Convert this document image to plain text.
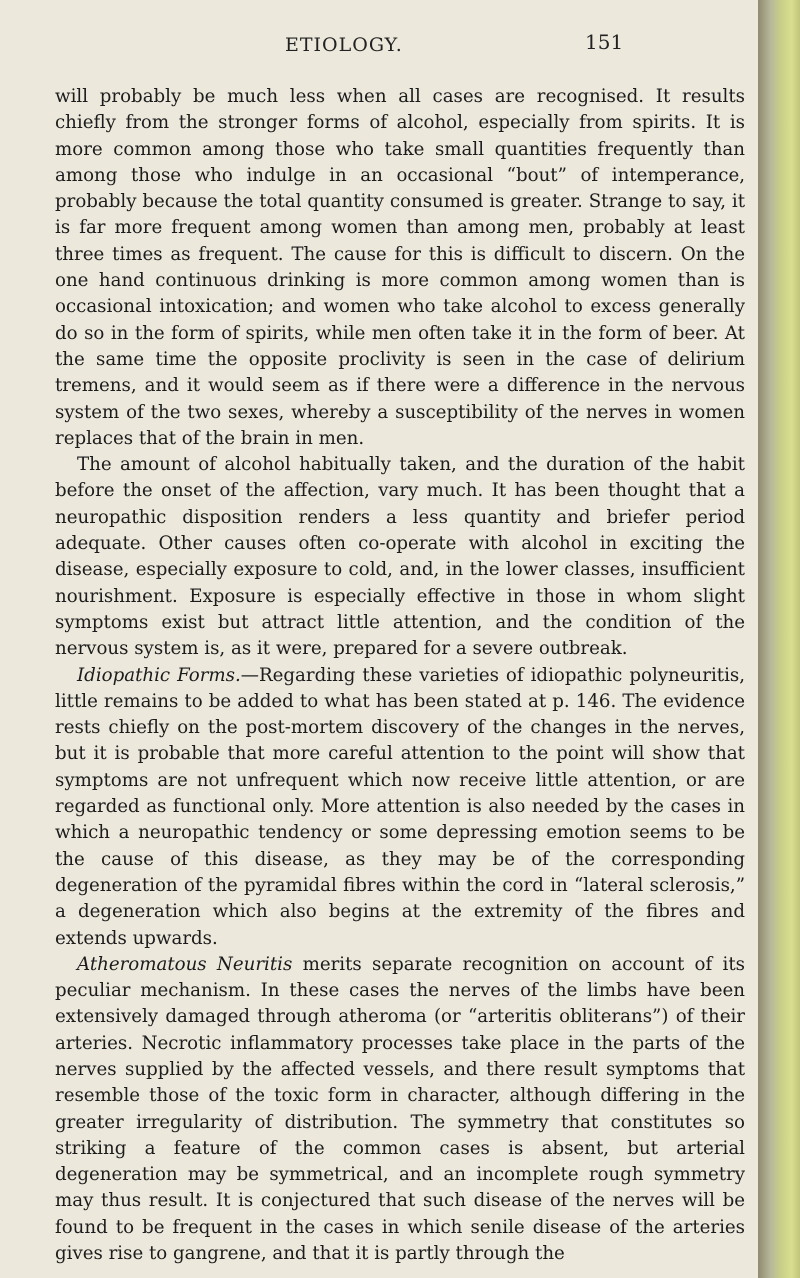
ETIOLOGY.	151

will probably be much less when all cases are recognised. It results chiefly from the stronger forms of alcohol, especially from spirits. It is more common among those who take small quantities frequently than among those who indulge in an occasional “bout” of intemperance, probably because the total quantity consumed is greater. Strange to say, it is far more frequent among women than among men, probably at least three times as frequent. The cause for this is difficult to discern. On the one hand continuous drinking is more common among women than is occasional intoxication; and women who take alcohol to excess generally do so in the form of spirits, while men often take it in the form of beer. At the same time the opposite proclivity is seen in the case of delirium tremens, and it would seem as if there were a difference in the nervous system of the two sexes, whereby a susceptibility of the nerves in women replaces that of the brain in men.

The amount of alcohol habitually taken, and the duration of the habit before the onset of the affection, vary much. It has been thought that a neuropathic disposition renders a less quantity and briefer period adequate. Other causes often co-operate with alcohol in exciting the disease, especially exposure to cold, and, in the lower classes, insufficient nourishment. Exposure is especially effective in those in whom slight symptoms exist but attract little attention, and the condition of the nervous system is, as it were, prepared for a severe outbreak.

Idiopathic Forms.—Regarding these varieties of idiopathic polyneuritis, little remains to be added to what has been stated at p. 146. The evidence rests chiefly on the post-mortem discovery of the changes in the nerves, but it is probable that more careful attention to the point will show that symptoms are not unfrequent which now receive little attention, or are regarded as functional only. More attention is also needed by the cases in which a neuropathic tendency or some depressing emotion seems to be the cause of this disease, as they may be of the corresponding degeneration of the pyramidal fibres within the cord in “lateral sclerosis,” a degeneration which also begins at the extremity of the fibres and extends upwards.

Atheromatous Neuritis merits separate recognition on account of its peculiar mechanism. In these cases the nerves of the limbs have been extensively damaged through atheroma (or “arteritis obliterans”) of their arteries. Necrotic inflammatory processes take place in the parts of the nerves supplied by the affected vessels, and there result symptoms that resemble those of the toxic form in character, although differing in the greater irregularity of distribution. The symmetry that constitutes so striking a feature of the common cases is absent, but arterial degeneration may be symmetrical, and an incomplete rough symmetry may thus result. It is conjectured that such disease of the nerves will be found to be frequent in the cases in which senile disease of the arteries gives rise to gangrene, and that it is partly through the
